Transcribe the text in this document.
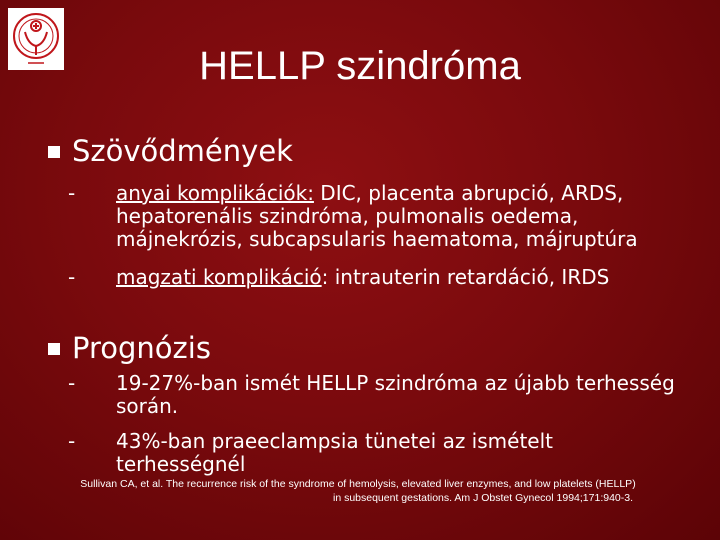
HELLP szindróma
Szövődmények
- anyai komplikációk: DIC, placenta abrupció, ARDS, hepatorenális szindróma, pulmonalis oedema, májnekrózis, subcapsularis haematoma, májruptúra
- magzati komplikáció: intrauterin retardáció, IRDS
Prognózis
- 19-27%-ban ismét HELLP szindróma az újabb terhesség során.
- 43%-ban praeeclampsia tünetei az ismételt terhességnél
Sullivan CA, et al. The recurrence risk of the syndrome of hemolysis, elevated liver enzymes, and low platelets (HELLP)
in subsequent gestations. Am J Obstet Gynecol 1994;171:940-3.
